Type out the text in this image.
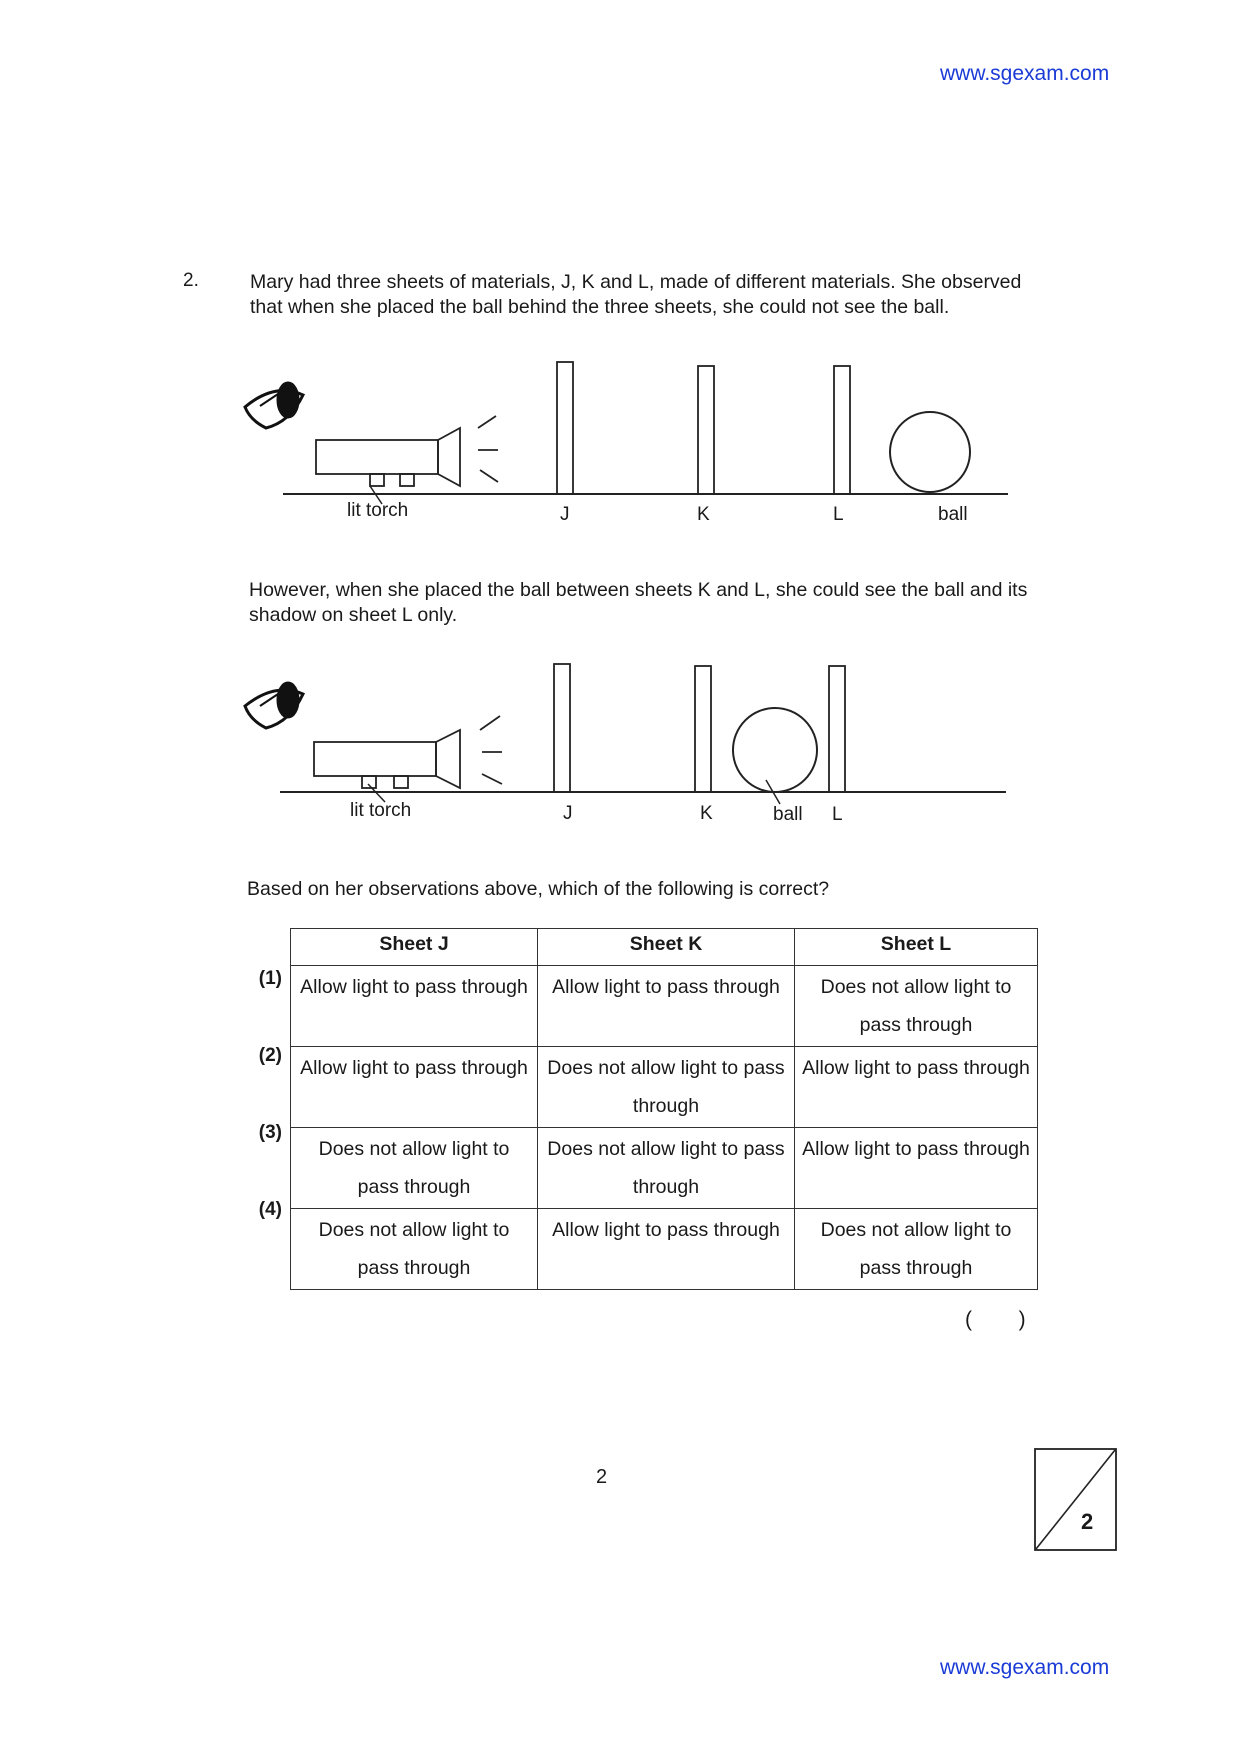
www.sgexam.com
2.	Mary had three sheets of materials, J, K and L, made of different materials. She observed that when she placed the ball behind the three sheets, she could not see the ball.
lit torch	J	K	L	ball
However, when she placed the ball between sheets K and L, she could see the ball and its shadow on sheet L only.
lit torch	J	K	ball L
Based on her observations above, which of the following is correct?
Sheet J	Sheet K	Sheet L
Allow light to pass through	Allow light to pass through	Does not allow light to pass through
Allow light to pass through	Does not allow light to pass through	Allow light to pass through
Does not allow light to pass through	Does not allow light to pass through	Allow light to pass through
Does not allow light to pass through	Allow light to pass through	Does not allow light to pass through
(1)
(2)
(3)
(4)
(        )
2
2
www.sgexam.com
